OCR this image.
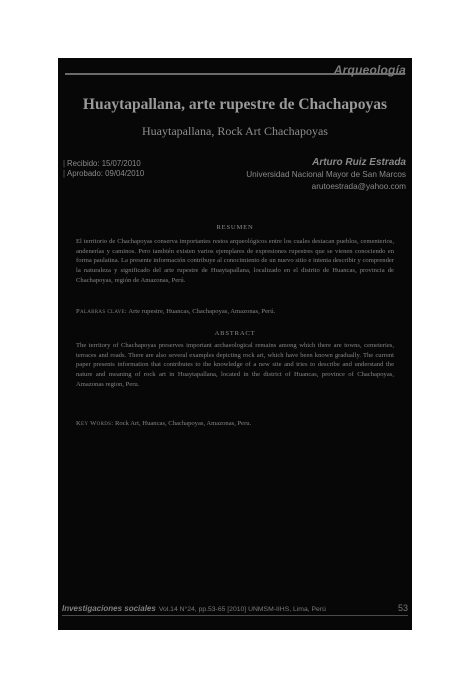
Arqueología
Huaytapallana, arte rupestre de Chachapoyas
Huaytapallana, Rock Art Chachapoyas
| Recibido: 15/07/2010
| Aprobado: 09/04/2010
Arturo Ruiz Estrada
Universidad Nacional Mayor de San Marcos
arutoestrada@yahoo.com
RESUMEN
El territorio de Chachapoyas conserva importantes restos arqueológicos entre los cuales destacan pueblos, cementerios, andenerías y caminos. Pero también existen varios ejemplares de expresiones rupestres que se vienen conociendo en forma paulatina. La presente información contribuye al conocimiento de un nuevo sitio e intenta describir y comprender la naturaleza y significado del arte rupestre de Huaytapallana, localizado en el distrito de Huancas, provincia de Chachapoyas, región de Amazonas, Perú.
Palabras clave: Arte rupestre, Huancas, Chachapoyas, Amazonas, Perú.
ABSTRACT
The territory of Chachapoyas preserves important archaeological remains among which there are towns, cemeteries, terraces and roads. There are also several examples depicting rock art, which have been known gradually. The current paper presents information that contributes to the knowledge of a new site and tries to describe and understand the nature and meaning of rock art in Huaytapallana, located in the district of Huancas, province of Chachapoyas, Amazonas region, Peru.
Key Words: Rock Art, Huancas, Chachapoyas, Amazonas, Peru.
Investigaciones sociales Vol.14 N°24, pp.53-65 [2010] UNMSM-IIHS, Lima, Perú	53
